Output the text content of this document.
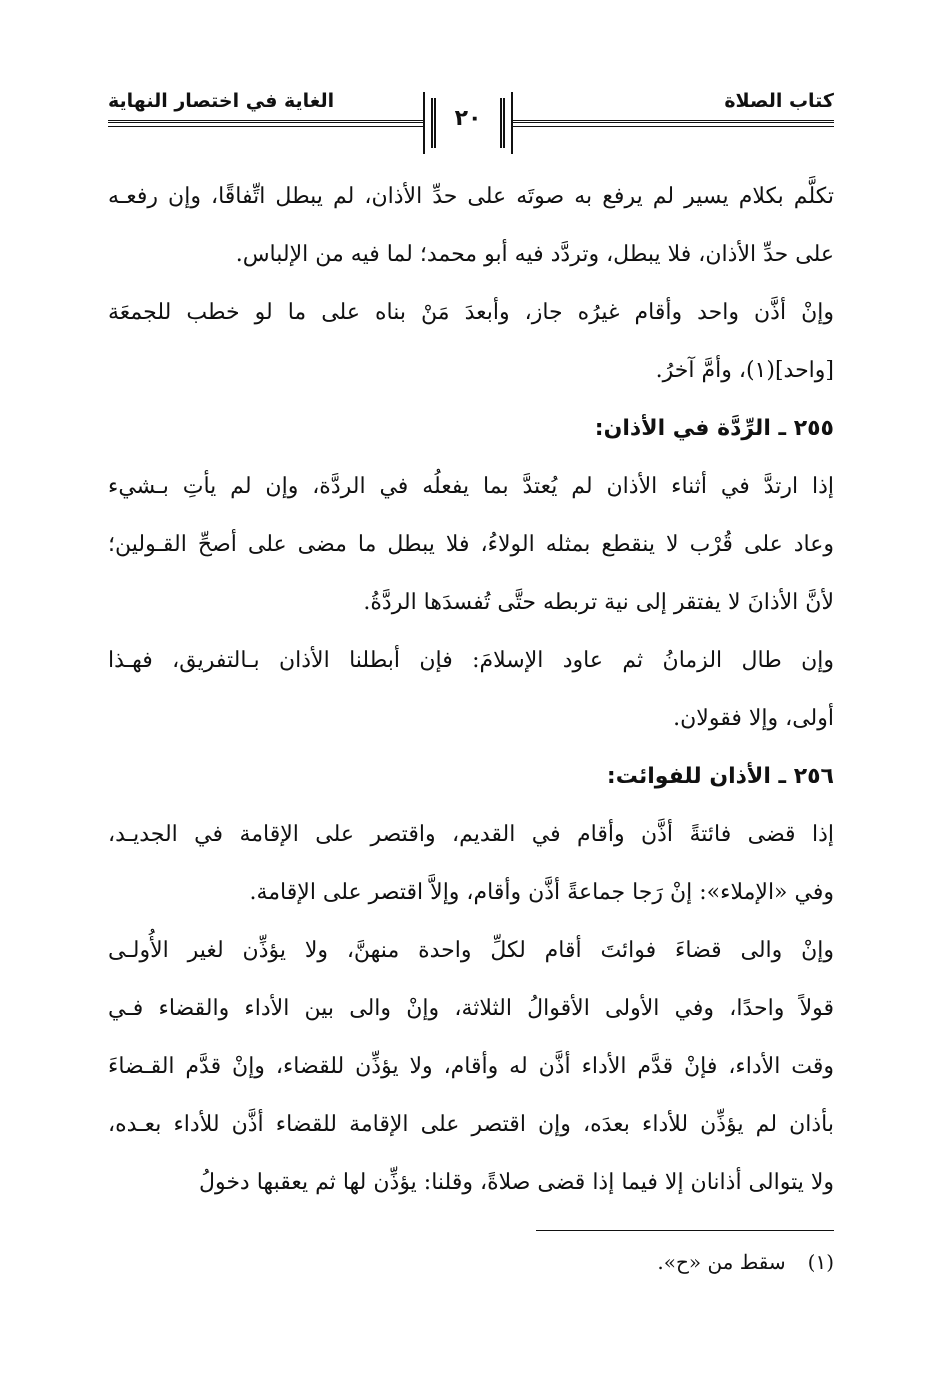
كتاب الصلاة
الغاية في اختصار النهاية
٢٠
تكلَّم بكلام يسير لم يرفع به صوتَه على حدِّ الأذان، لم يبطل اتِّفاقًا، وإن رفعـه
على حدِّ الأذان، فلا يبطل، وتردَّد فيه أبو محمد؛ لما فيه من الإلباس.
وإنْ أذَّن واحد وأقام غيرُه جاز، وأبعدَ مَنْ بناه على ما لو خطب للجمعَة
[واحد](١)، وأمَّ آخرُ.
٢٥٥ ـ الرِّدَّة في الأذان:
إذا ارتدَّ في أثناء الأذان لم يُعتدَّ بما يفعلُه في الردَّة، وإن لم يأتِ بـشيء
وعاد على قُرْب لا ينقطع بمثله الولاءُ، فلا يبطل ما مضى على أصحِّ القـولين؛
لأنَّ الأذانَ لا يفتقر إلى نية تربطه حتَّى تُفسدَها الردَّةُ.
وإن طال الزمانُ ثم عاود الإسلامَ: فإن أبطلنا الأذان بـالتفريق، فهـذا
أولى، وإلا فقولان.
٢٥٦ ـ الأذان للفوائت:
إذا قضى فائتةً أذَّن وأقام في القديم، واقتصر على الإقامة في الجديـد،
وفي «الإملاء»: إنْ رَجا جماعةً أذَّن وأقام، وإلاَّ اقتصر على الإقامة.
وإنْ والى قضاءَ فوائتَ أقام لكلِّ واحدة منهنَّ، ولا يؤذِّن لغير الأُولـى
قولاً واحدًا، وفي الأولى الأقوالُ الثلاثة، وإنْ والى بين الأداء والقضاء فـي
وقت الأداء، فإنْ قدَّم الأداء أذَّن له وأقام، ولا يؤذِّن للقضاء، وإنْ قدَّم القـضاءَ
بأذان لم يؤذِّن للأداء بعدَه، وإن اقتصر على الإقامة للقضاء أذَّن للأداء بعـده،
ولا يتوالى أذانان إلا فيما إذا قضى صلاةً، وقلنا: يؤذِّن لها ثم يعقبها دخولُ
(١)سقط من «ح».
